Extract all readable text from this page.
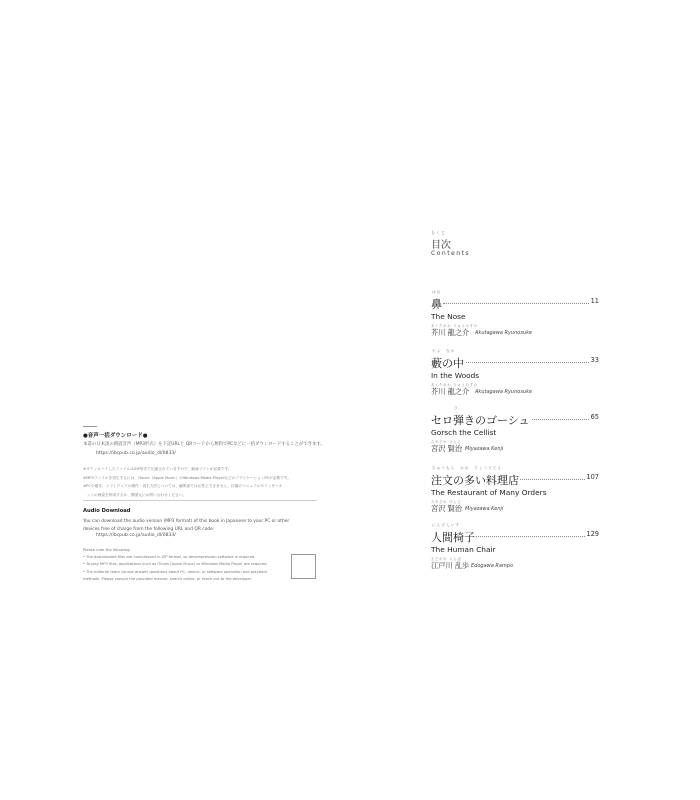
●音声一括ダウンロード●
本書の日本語の朗読音声（MP3形式）を下記URLと QRコードから無料でPCなどに一括ダウンロードすることができます。
https://ibcpub.co.jp/audio_dl/0833/
※ダウンロードしたファイルはZIP形式で圧縮されていますので、解凍ソフトが必要です。
※MP3ファイルを再生するには、iTunes（Apple Music）やWindows Media PlayerなどのアプリケーションPCが必要です。
※PCや端末、ソフトウェアの操作・再生方法については、編集部ではお答えできません。付属のマニュアルやインターネ
　ットの検索を利用するか、開発元にお問い合わせください。
Audio Download
You can download the audio version (MP3 format) of this book in Japanese to your PC or other
devices free of charge from the following URL and QR code:
https://ibcpub.co.jp/audio_dl/0833/
Please note the following:
* The downloaded files are compressed in ZIP format, so decompression software is required.
* To play MP3 files, applications such as iTunes (Apple Music) or Windows Media Player are required.
* The editorial team cannot answer questions about PC, device, or software operation and playback
methods. Please consult the provided manual, search online, or reach out to the developer.
もくじ
目次
Contents
はな
鼻	11
The Nose
あくたがわ りゅうのすけ
芥川 龍之介 Akutagawa Ryunosuke
やぶ　なか
藪の中	33
In the Woods
あくたがわ りゅうのすけ
芥川 龍之介 Akutagawa Ryunosuke
ひ
セロ弾きのゴーシュ	65
Gorsch the Cellist
みやざわ けんじ
宮沢 賢治 Miyazawa Kenji
ちゅうもん　おお　りょうりてん
注文の多い料理店	107
The Restaurant of Many Orders
みやざわ けんじ
宮沢 賢治 Miyazawa Kenji
にんげんいす
人間椅子	129
The Human Chair
えどがわ らんぽ
江戸川 乱歩 Edogawa Rampo
